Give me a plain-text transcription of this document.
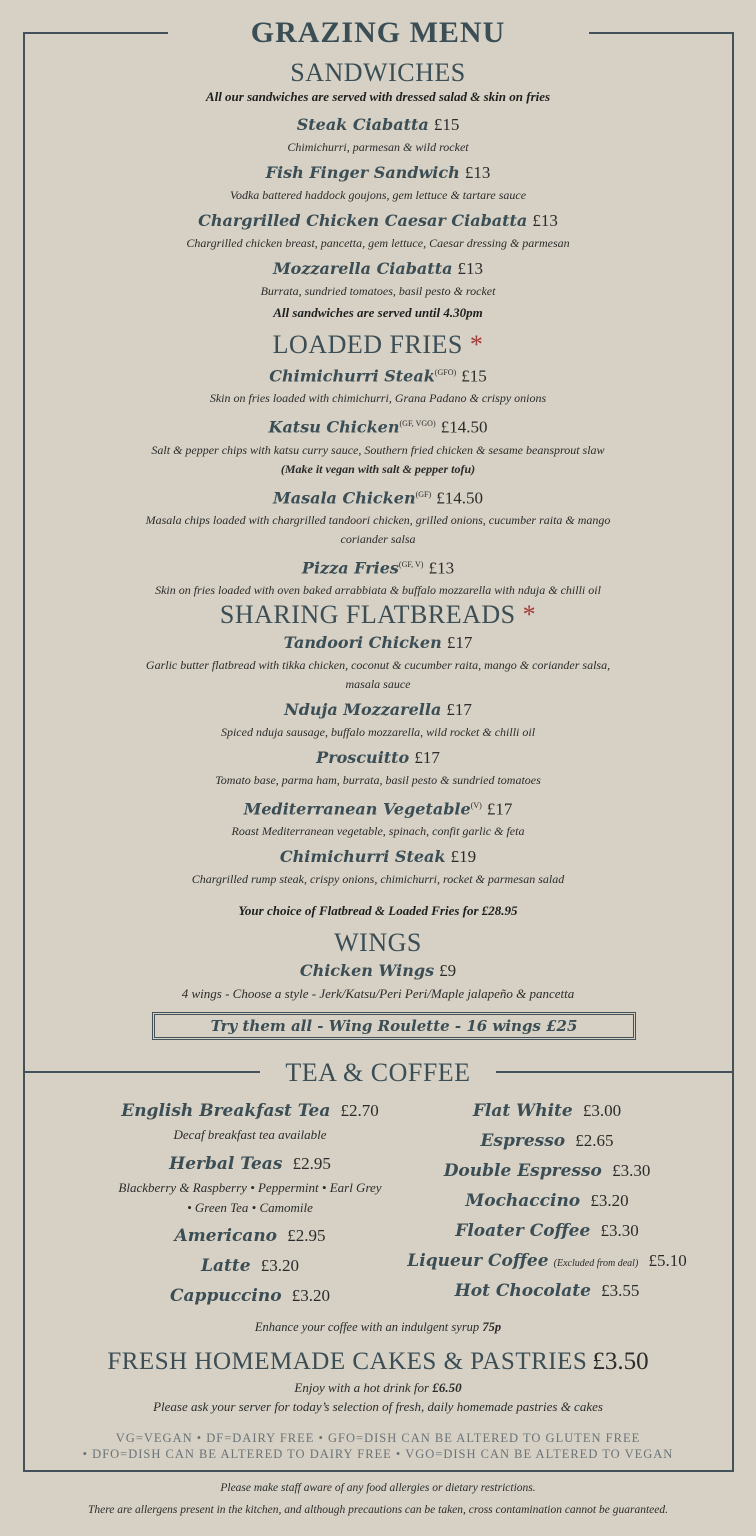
GRAZING MENU
SANDWICHES
All our sandwiches are served with dressed salad & skin on fries
Steak Ciabatta £15
Chimichurri, parmesan & wild rocket
Fish Finger Sandwich £13
Vodka battered haddock goujons, gem lettuce & tartare sauce
Chargrilled Chicken Caesar Ciabatta £13
Chargrilled chicken breast, pancetta, gem lettuce, Caesar dressing & parmesan
Mozzarella Ciabatta £13
Burrata, sundried tomatoes, basil pesto & rocket
All sandwiches are served until 4.30pm
LOADED FRIES *
Chimichurri Steak$^{(GFO)}$ £15
Skin on fries loaded with chimichurri, Grana Padano & crispy onions
Katsu Chicken$^{(GF, VGO)}$ £14.50
Salt & pepper chips with katsu curry sauce, Southern fried chicken & sesame beansprout slaw
(Make it vegan with salt & pepper tofu)
Masala Chicken$^{(GF)}$ £14.50
Masala chips loaded with chargrilled tandoori chicken, grilled onions, cucumber raita & mango
coriander salsa
Pizza Fries$^{(GF, V)}$ £13
Skin on fries loaded with oven baked arrabbiata & buffalo mozzarella with nduja & chilli oil
SHARING FLATBREADS *
Tandoori Chicken £17
Garlic butter flatbread with tikka chicken, coconut & cucumber raita, mango & coriander salsa,
masala sauce
Nduja Mozzarella £17
Spiced nduja sausage, buffalo mozzarella, wild rocket & chilli oil
Proscuitto £17
Tomato base, parma ham, burrata, basil pesto & sundried tomatoes
Mediterranean Vegetable$^{(V)}$ £17
Roast Mediterranean vegetable, spinach, confit garlic & feta
Chimichurri Steak £19
Chargrilled rump steak, crispy onions, chimichurri, rocket & parmesan salad
Your choice of Flatbread & Loaded Fries for £28.95
WINGS
Chicken Wings £9
4 wings - Choose a style - Jerk/Katsu/Peri Peri/Maple jalapeño & pancetta
Try them all - Wing Roulette - 16 wings £25
TEA & COFFEE
English Breakfast Tea £2.70
Decaf breakfast tea available
Herbal Teas £2.95
Blackberry & Raspberry • Peppermint • Earl Grey
• Green Tea • Camomile
Americano £2.95
Latte £3.20
Cappuccino £3.20
Flat White £3.00
Espresso £2.65
Double Espresso £3.30
Mochaccino £3.20
Floater Coffee £3.30
Liqueur Coffee (Excluded from deal) £5.10
Hot Chocolate £3.55
Enhance your coffee with an indulgent syrup 75p
FRESH HOMEMADE CAKES & PASTRIES £3.50
Enjoy with a hot drink for £6.50
Please ask your server for today’s selection of fresh, daily homemade pastries & cakes
VG=VEGAN • DF=DAIRY FREE • GFO=DISH CAN BE ALTERED TO GLUTEN FREE
• DFO=DISH CAN BE ALTERED TO DAIRY FREE • VGO=DISH CAN BE ALTERED TO VEGAN
Please make staff aware of any food allergies or dietary restrictions.
There are allergens present in the kitchen, and although precautions can be taken, cross contamination cannot be guaranteed.
